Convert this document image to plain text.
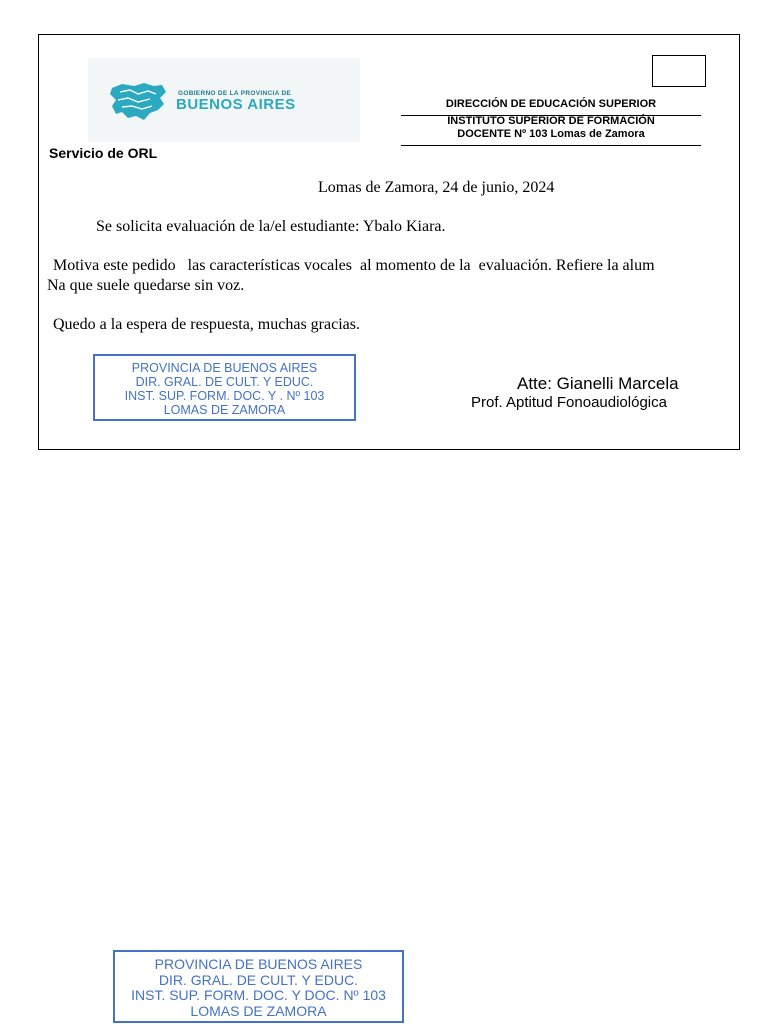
GOBIERNO DE LA PROVINCIA DE
BUENOS AIRES	DIRECCIÓN DE EDUCACIÓN SUPERIOR
INSTITUTO SUPERIOR DE FORMACIÓN
DOCENTE Nº 103 Lomas de Zamora
Servicio de ORL
Lomas de Zamora, 24 de junio, 2024
Se solicita evaluación de la/el estudiante: Ybalo Kiara.
Motiva este pedido   las características vocales  al momento de la  evaluación. Refiere la alum
Na que suele quedarse sin voz.
Quedo a la espera de respuesta, muchas gracias.
PROVINCIA DE BUENOS AIRES
DIR. GRAL. DE CULT. Y EDUC.
INST. SUP. FORM. DOC. Y . Nº 103
LOMAS DE ZAMORA
Atte: Gianelli Marcela
Prof. Aptitud Fonoaudiológica
PROVINCIA DE BUENOS AIRES
DIR. GRAL. DE CULT. Y EDUC.
INST. SUP. FORM. DOC. Y DOC. Nº 103
LOMAS DE ZAMORA
